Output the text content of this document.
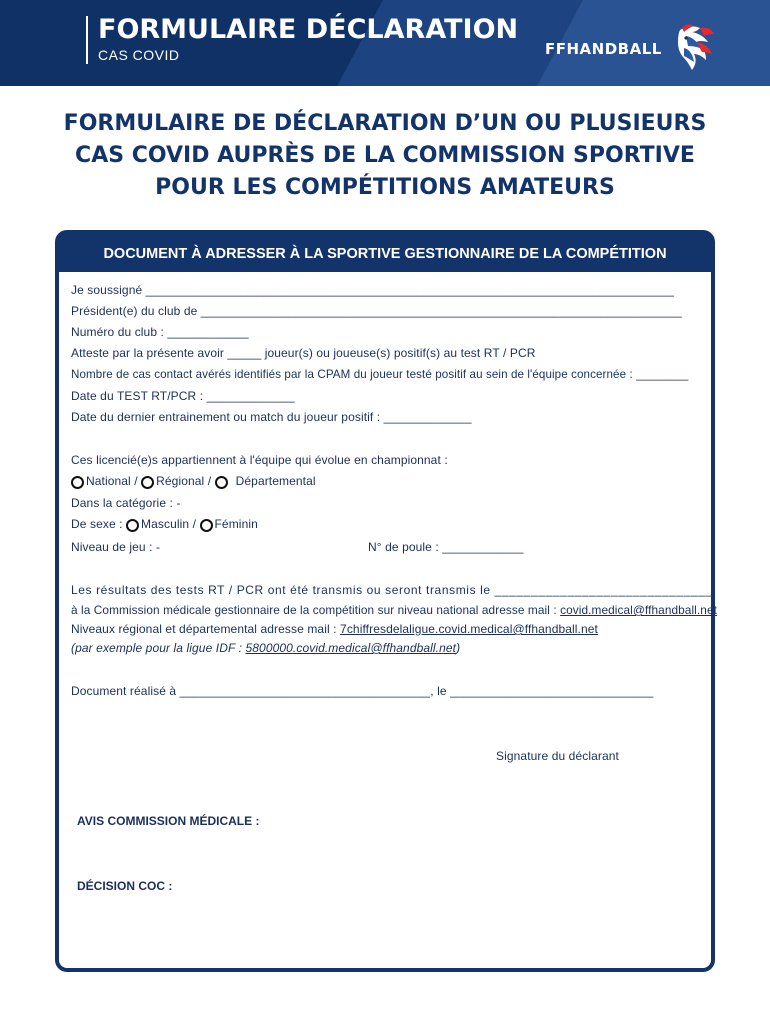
FORMULAIRE DÉCLARATION
CAS COVID	FFHANDBALL
FORMULAIRE DE DÉCLARATION D’UN OU PLUSIEURS
CAS COVID AUPRÈS DE LA COMMISSION SPORTIVE
POUR LES COMPÉTITIONS AMATEURS
DOCUMENT À ADRESSER À LA SPORTIVE GESTIONNAIRE DE LA COMPÉTITION
Je soussigné ______________________________________________________________________________
Président(e) du club de _______________________________________________________________________
Numéro du club : ____________
Atteste par la présente avoir _____ joueur(s) ou joueuse(s) positif(s) au test RT / PCR
Nombre de cas contact avérés identifiés par la CPAM du joueur testé positif au sein de l'équipe concernée : ________
Date du TEST RT/PCR : _____________
Date du dernier entrainement ou match du joueur positif : _____________
Ces licencié(e)s appartiennent à l'équipe qui évolue en championnat :
National / Régional / Départemental
Dans la catégorie : -
De sexe : Masculin / Féminin
Niveau de jeu : -	N° de poule : ____________
Les résultats des tests RT / PCR ont été transmis ou seront transmis le ______________________________
à la Commission médicale gestionnaire de la compétition sur niveau national adresse mail : covid.medical@ffhandball.net
Niveaux régional et départemental adresse mail : 7chiffresdelaligue.covid.medical@ffhandball.net
(par exemple pour la ligue IDF : 5800000.covid.medical@ffhandball.net)
Document réalisé à _____________________________________, le ______________________________
Signature du déclarant
AVIS COMMISSION MÉDICALE :
DÉCISION COC :
